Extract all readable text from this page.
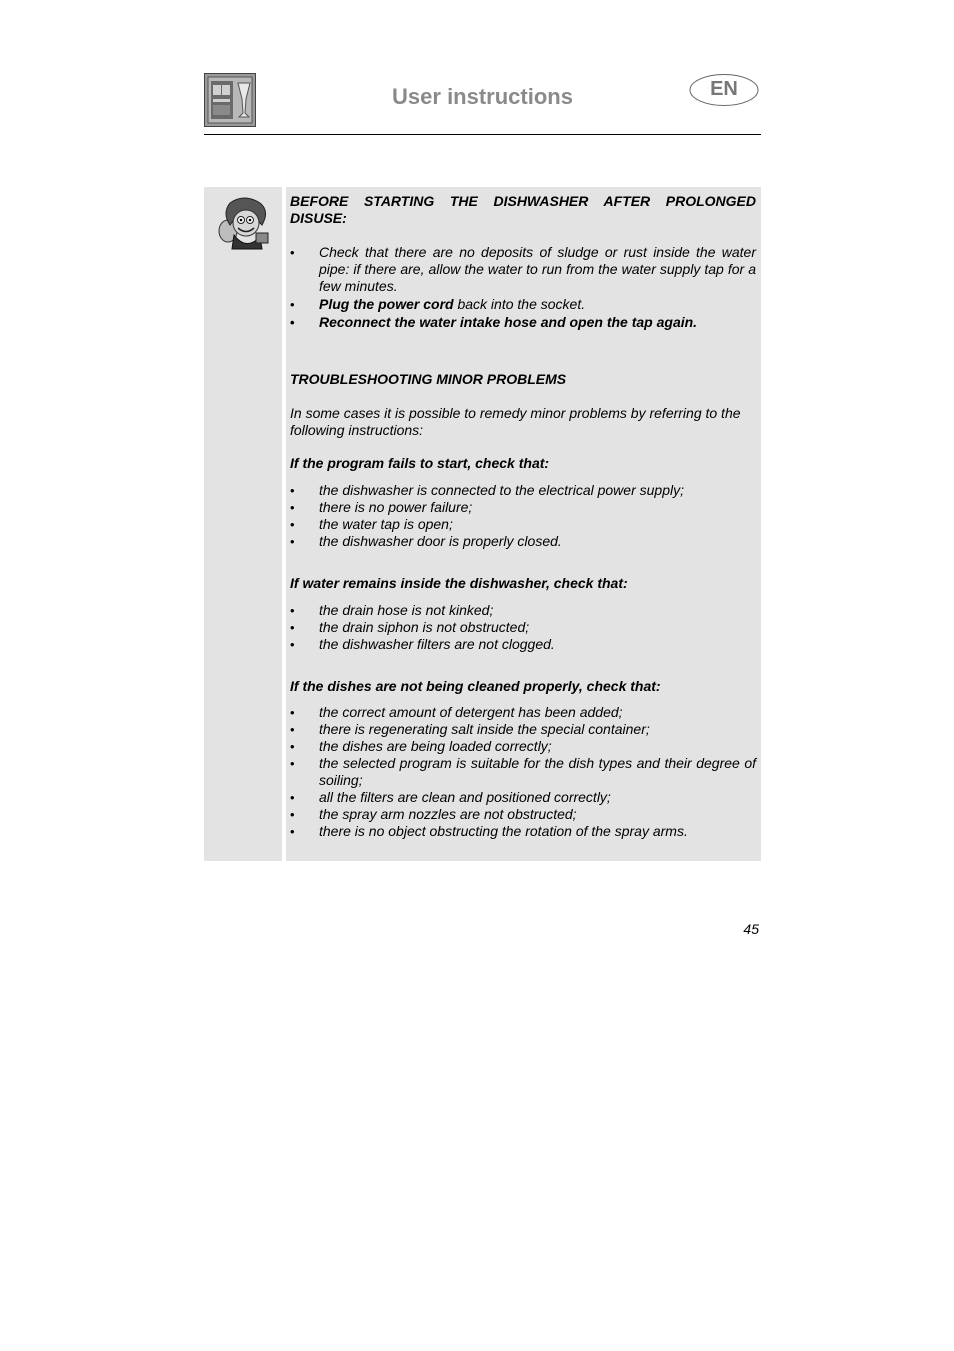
User instructions	EN

BEFORE STARTING THE DISHWASHER AFTER PROLONGED DISUSE:

• Check that there are no deposits of sludge or rust inside the water pipe: if there are, allow the water to run from the water supply tap for a few minutes.
• Plug the power cord back into the socket.
• Reconnect the water intake hose and open the tap again.

TROUBLESHOOTING MINOR PROBLEMS

In some cases it is possible to remedy minor problems by referring to the following instructions:

If the program fails to start, check that:

• the dishwasher is connected to the electrical power supply;
• there is no power failure;
• the water tap is open;
• the dishwasher door is properly closed.

If water remains inside the dishwasher, check that:

• the drain hose is not kinked;
• the drain siphon is not obstructed;
• the dishwasher filters are not clogged.

If the dishes are not being cleaned properly, check that:

• the correct amount of detergent has been added;
• there is regenerating salt inside the special container;
• the dishes are being loaded correctly;
• the selected program is suitable for the dish types and their degree of soiling;
• all the filters are clean and positioned correctly;
• the spray arm nozzles are not obstructed;
• there is no object obstructing the rotation of the spray arms.
45
